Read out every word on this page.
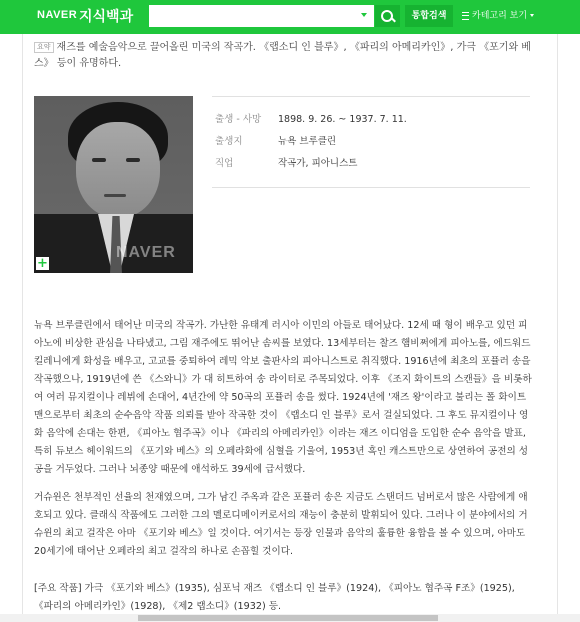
NAVER 지식백과	통합검색	카테고리 보기
요약 재즈를 예술음악으로 끌어올린 미국의 작곡가. 《랩소디 인 블루》, 《파리의 아메리카인》, 가극 《포기와 베스》 등이 유명하다.
NAVER
+
출생 - 사망 1898. 9. 26. ~ 1937. 7. 11.
출생지	뉴욕 브루클린
직업	작곡가, 피아니스트
뉴욕 브루클린에서 태어난 미국의 작곡가. 가난한 유태계 러시아 이민의 아들로 태어났다. 12세 때 형이 배우고 있던 피아노에 비상한 관심을 나타냈고, 그림 재주에도 뛰어난 솜씨를 보였다. 13세부터는 찰즈 햄비쩌에게 피아노를, 에드워드 킬레니에게 화성을 배우고, 고교를 중퇴하여 레믹 악보 출판사의 피아니스트로 취직했다. 1916년에 최초의 포퓰러 송을 작곡했으나, 1919년에 쓴 《스와니》가 대 히트하여 송 라이터로 주목되었다. 이후 《조지 화이트의 스캔들》을 비롯하여 여러 뮤지컬이나 레뷔에 손대어, 4년간에 약 50곡의 포퓰러 송을 썼다. 1924년에 '재즈 왕'이라고 불리는 폴 화이트맨으로부터 최초의 순수음악 작품 의뢰를 받아 작곡한 것이 《랩소디 인 블루》로서 걸실되었다. 그 후도 뮤지컬이나 영화 음악에 손대는 한편, 《피아노 협주곡》이나 《파리의 아메리카인》이라는 재즈 이디엄을 도입한 순수 음악을 발표, 특히 듀보스 헤이워드의 《포기와 베스》의 오페라화에 심혈을 기울여, 1953년 흑인 캐스트만으로 상연하여 공전의 성공을 거두었다. 그러나 뇌종양 때문에 애석하도 39세에 급서했다.
거슈윈은 천부적인 선율의 천재였으며, 그가 남긴 주옥과 같은 포퓰러 송은 지금도 스탠더드 넘버로서 많은 사람에게 애호되고 있다. 클래식 작품에도 그러한 그의 멜로디메이커로서의 재능이 충분히 발휘되어 있다. 그러나 이 분야에서의 거슈윈의 최고 걸작은 아마 《포기와 베스》일 것이다. 여기서는 등장 인물과 음악의 훌륭한 융합을 볼 수 있으며, 아마도 20세기에 태어난 오페라의 최고 걸작의 하나로 손꼽힐 것이다.
[주요 작품] 가극 《포기와 베스》(1935), 심포닉 재즈 《랩소디 인 블루》(1924), 《피아노 협주곡 F조》(1925), 《파리의 아메리카인》(1928), 《제2 랩소디》(1932) 등.
